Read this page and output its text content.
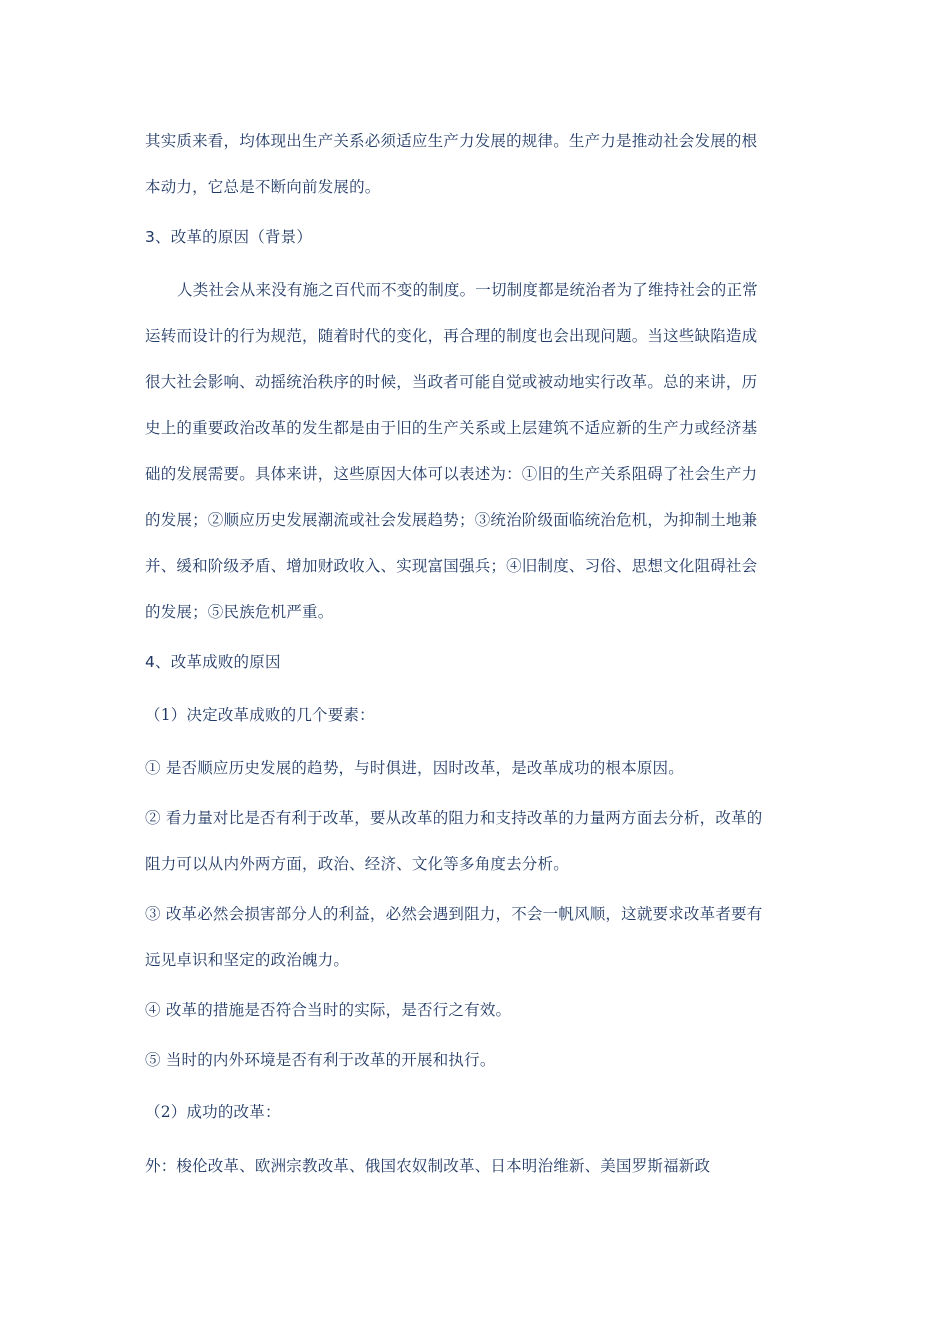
其实质来看，均体现出生产关系必须适应生产力发展的规律。生产力是推动社会发展的根
本动力，它总是不断向前发展的。
3、改革的原因（背景）
人类社会从来没有施之百代而不变的制度。一切制度都是统治者为了维持社会的正常
运转而设计的行为规范，随着时代的变化，再合理的制度也会出现问题。当这些缺陷造成
很大社会影响、动摇统治秩序的时候，当政者可能自觉或被动地实行改革。总的来讲，历
史上的重要政治改革的发生都是由于旧的生产关系或上层建筑不适应新的生产力或经济基
础的发展需要。具体来讲，这些原因大体可以表述为：①旧的生产关系阻碍了社会生产力
的发展；②顺应历史发展潮流或社会发展趋势；③统治阶级面临统治危机，为抑制土地兼
并、缓和阶级矛盾、增加财政收入、实现富国强兵；④旧制度、习俗、思想文化阻碍社会
的发展；⑤民族危机严重。
4、改革成败的原因
（1）决定改革成败的几个要素：
① 是否顺应历史发展的趋势，与时俱进，因时改革，是改革成功的根本原因。
② 看力量对比是否有利于改革，要从改革的阻力和支持改革的力量两方面去分析，改革的
阻力可以从内外两方面，政治、经济、文化等多角度去分析。
③ 改革必然会损害部分人的利益，必然会遇到阻力，不会一帆风顺，这就要求改革者要有
远见卓识和坚定的政治魄力。
④ 改革的措施是否符合当时的实际，是否行之有效。
⑤ 当时的内外环境是否有利于改革的开展和执行。
（2）成功的改革：
外：梭伦改革、欧洲宗教改革、俄国农奴制改革、日本明治维新、美国罗斯福新政
